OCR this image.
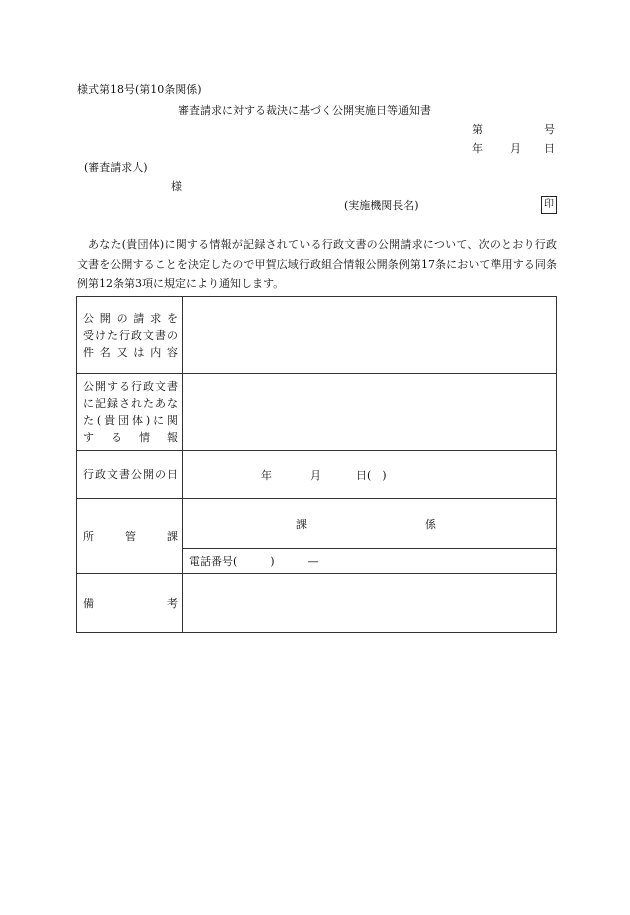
様式第18号(第10条関係)
審査請求に対する裁決に基づく公開実施日等通知書
第	号
年 月 日
(審査請求人)
様
(実施機関長名)	印
あなた(貴団体)に関する情報が記録されている行政文書の公開請求について、次のとおり行政文書を公開することを決定したので甲賀広域行政組合情報公開条例第17条において準用する同条例第12条第3項に規定により通知します。
公開の請求を
受けた行政文書の
件名又は内容	

公開する行政文書
に記録されたあな
た(貴団体)に関
する情報	

行政文書公開の日	年 月 日(　)

所管課	課 係

	電話番号(　　　)　　　—

備考	
